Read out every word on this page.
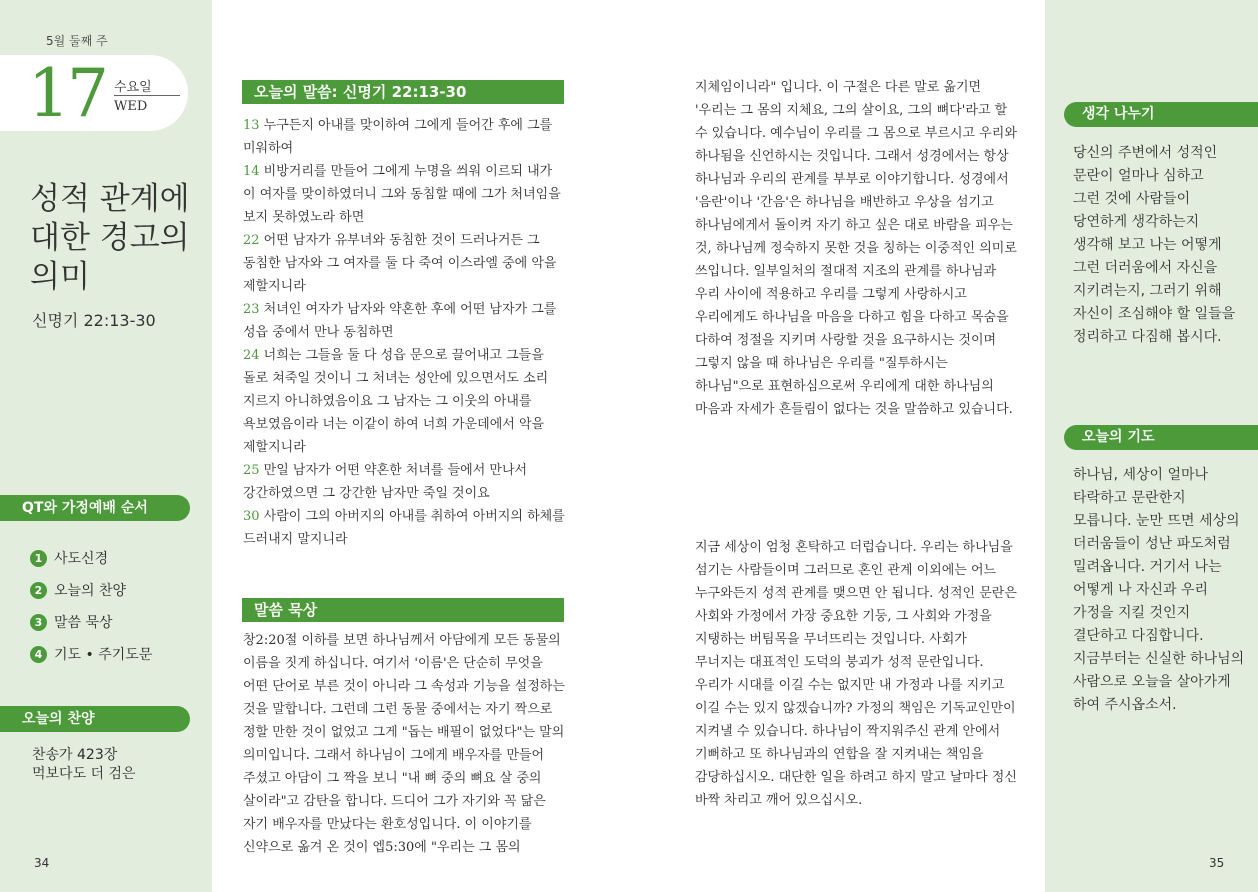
5월 둘째 주
17 수요일
WED
성적 관계에
대한 경고의
의미
신명기 22:13-30
QT와 가정예배 순서
1 사도신경
2 오늘의 찬양
3 말씀 묵상
4 기도 • 주기도문
오늘의 찬양
찬송가 423장
먹보다도 더 검은
34
오늘의 말씀: 신명기 22:13-30

13 누구든지 아내를 맞이하여 그에게 들어간 후에 그를 미워하여

14 비방거리를 만들어 그에게 누명을 씌워 이르되 내가 이 여자를 맞이하였더니 그와 동침할 때에 그가 처녀임을 보지 못하였노라 하면

22 어떤 남자가 유부녀와 동침한 것이 드러나거든 그 동침한 남자와 그 여자를 둘 다 죽여 이스라엘 중에 악을 제할지니라

23 처녀인 여자가 남자와 약혼한 후에 어떤 남자가 그를 성읍 중에서 만나 동침하면

24 너희는 그들을 둘 다 성읍 문으로 끌어내고 그들을 돌로 쳐죽일 것이니 그 처녀는 성안에 있으면서도 소리 지르지 아니하였음이요 그 남자는 그 이웃의 아내를 욕보였음이라 너는 이같이 하여 너희 가운데에서 악을 제할지니라

25 만일 남자가 어떤 약혼한 처녀를 들에서 만나서 강간하였으면 그 강간한 남자만 죽일 것이요

30 사람이 그의 아버지의 아내를 취하여 아버지의 하체를 드러내지 말지니라

말씀 묵상
창2:20절 이하를 보면 하나님께서 아담에게 모든 동물의 이름을 짓게 하십니다. 여기서 '이름'은 단순히 무엇을 어떤 단어로 부른 것이 아니라 그 속성과 기능을 설정하는 것을 말합니다. 그런데 그런 동물 중에서는 자기 짝으로 정할 만한 것이 없었고 그게 "돕는 배필이 없었다"는 말의 의미입니다. 그래서 하나님이 그에게 배우자를 만들어 주셨고 아담이 그 짝을 보니 "내 뼈 중의 뼈요 살 중의 살이라"고 감탄을 합니다. 드디어 그가 자기와 꼭 닮은 자기 배우자를 만났다는 환호성입니다. 이 이야기를 신약으로 옮겨 온 것이 엡5:30에 "우리는 그 몸의
지체임이니라" 입니다. 이 구절은 다른 말로 옮기면 '우리는 그 몸의 지체요, 그의 살이요, 그의 뼈다'라고 할 수 있습니다. 예수님이 우리를 그 몸으로 부르시고 우리와 하나됨을 신언하시는 것입니다. 그래서 성경에서는 항상 하나님과 우리의 관계를 부부로 이야기합니다. 성경에서 '음란'이나 '간음'은 하나님을 배반하고 우상을 섬기고 하나님에게서 돌이켜 자기 하고 싶은 대로 바람을 피우는 것, 하나님께 정숙하지 못한 것을 칭하는 이중적인 의미로 쓰입니다. 일부일처의 절대적 지조의 관계를 하나님과 우리 사이에 적용하고 우리를 그렇게 사랑하시고 우리에게도 하나님을 마음을 다하고 힘을 다하고 목숨을 다하여 정절을 지키며 사랑할 것을 요구하시는 것이며 그렇지 않을 때 하나님은 우리를 "질투하시는 하나님"으로 표현하심으로써 우리에게 대한 하나님의 마음과 자세가 흔들림이 없다는 것을 말씀하고 있습니다.
지금 세상이 엄청 혼탁하고 더럽습니다. 우리는 하나님을 섬기는 사람들이며 그러므로 혼인 관계 이외에는 어느 누구와든지 성적 관계를 맺으면 안 됩니다. 성적인 문란은 사회와 가정에서 가장 중요한 기둥, 그 사회와 가정을 지탱하는 버팀목을 무너뜨리는 것입니다. 사회가 무너지는 대표적인 도덕의 붕괴가 성적 문란입니다. 우리가 시대를 이길 수는 없지만 내 가정과 나를 지키고 이길 수는 있지 않겠습니까? 가정의 책임은 기독교인만이 지켜낼 수 있습니다. 하나님이 짝지워주신 관계 안에서 기뻐하고 또 하나님과의 연합을 잘 지켜내는 책임을 감당하십시오. 대단한 일을 하려고 하지 말고 날마다 정신 바짝 차리고 깨어 있으십시오.
생각 나누기
당신의 주변에서 성적인
문란이 얼마나 심하고
그런 것에 사람들이
당연하게 생각하는지
생각해 보고 나는 어떻게
그런 더러움에서 자신을
지키려는지, 그러기 위해
자신이 조심해야 할 일들을
정리하고 다짐해 봅시다.
오늘의 기도
하나님, 세상이 얼마나
타락하고 문란한지
모릅니다. 눈만 뜨면 세상의
더러움들이 성난 파도처럼
밀려옵니다. 거기서 나는
어떻게 나 자신과 우리
가정을 지킬 것인지
결단하고 다짐합니다.
지금부터는 신실한 하나님의
사람으로 오늘을 살아가게
하여 주시옵소서.
35
